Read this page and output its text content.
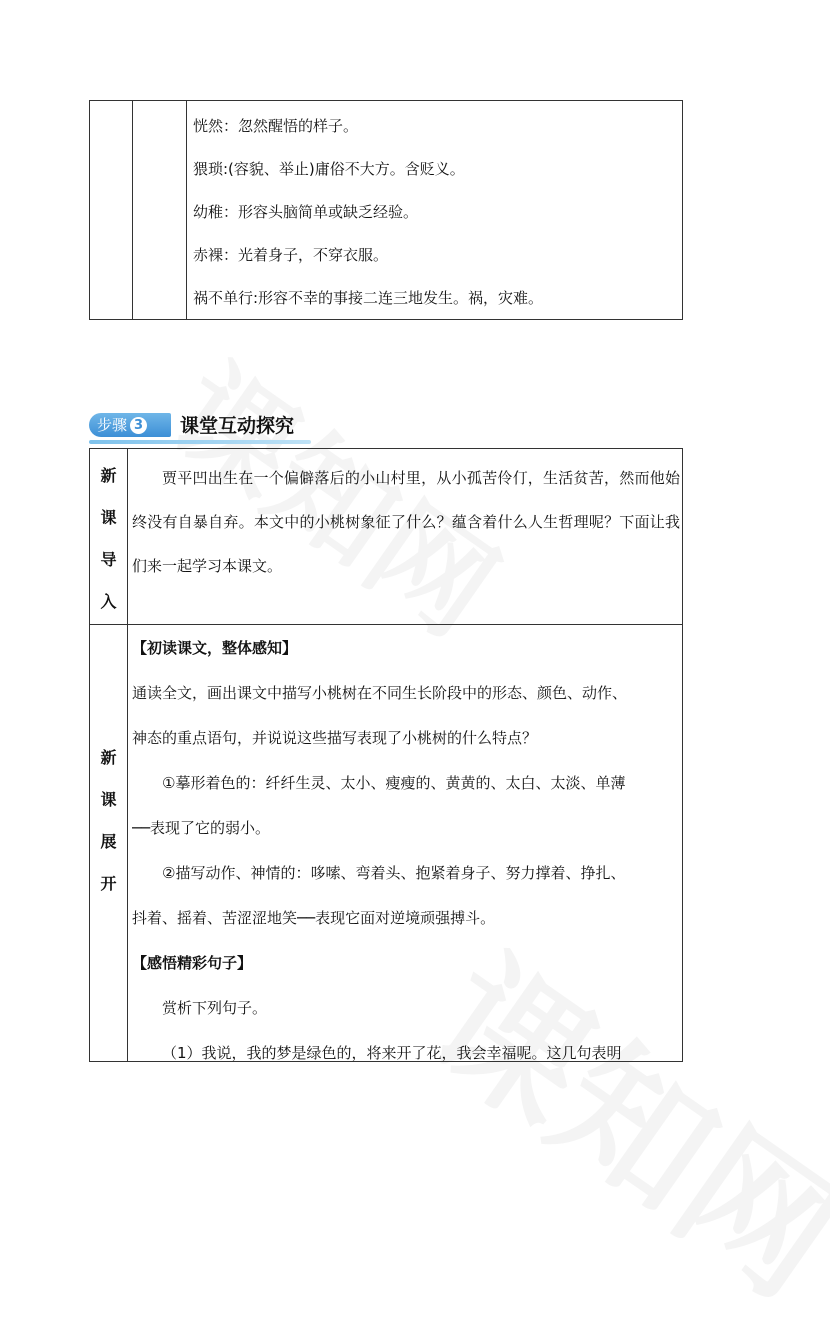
恍然：忽然醒悟的样子。
猥琐:(容貌、举止)庸俗不大方。含贬义。
幼稚：形容头脑简单或缺乏经验。
赤裸：光着身子，不穿衣服。
祸不单行:形容不幸的事接二连三地发生。祸，灾难。
步骤 3	课堂互动探究
新
课
导
入
贾平凹出生在一个偏僻落后的小山村里，从小孤苦伶仃，生活贫苦，然而他始终没有自暴自弃。本文中的小桃树象征了什么？蕴含着什么人生哲理呢？下面让我们来一起学习本课文。
新
课
展
开
【初读课文，整体感知】
通读全文，画出课文中描写小桃树在不同生长阶段中的形态、颜色、动作、
神态的重点语句，并说说这些描写表现了小桃树的什么特点？
①摹形着色的：纤纤生灵、太小、瘦瘦的、黄黄的、太白、太淡、单薄
──表现了它的弱小。
②描写动作、神情的：哆嗦、弯着头、抱紧着身子、努力撑着、挣扎、
抖着、摇着、苦涩涩地笑──表现它面对逆境顽强搏斗。
【感悟精彩句子】
赏析下列句子。
（1）我说，我的梦是绿色的，将来开了花，我会幸福呢。这几句表明
